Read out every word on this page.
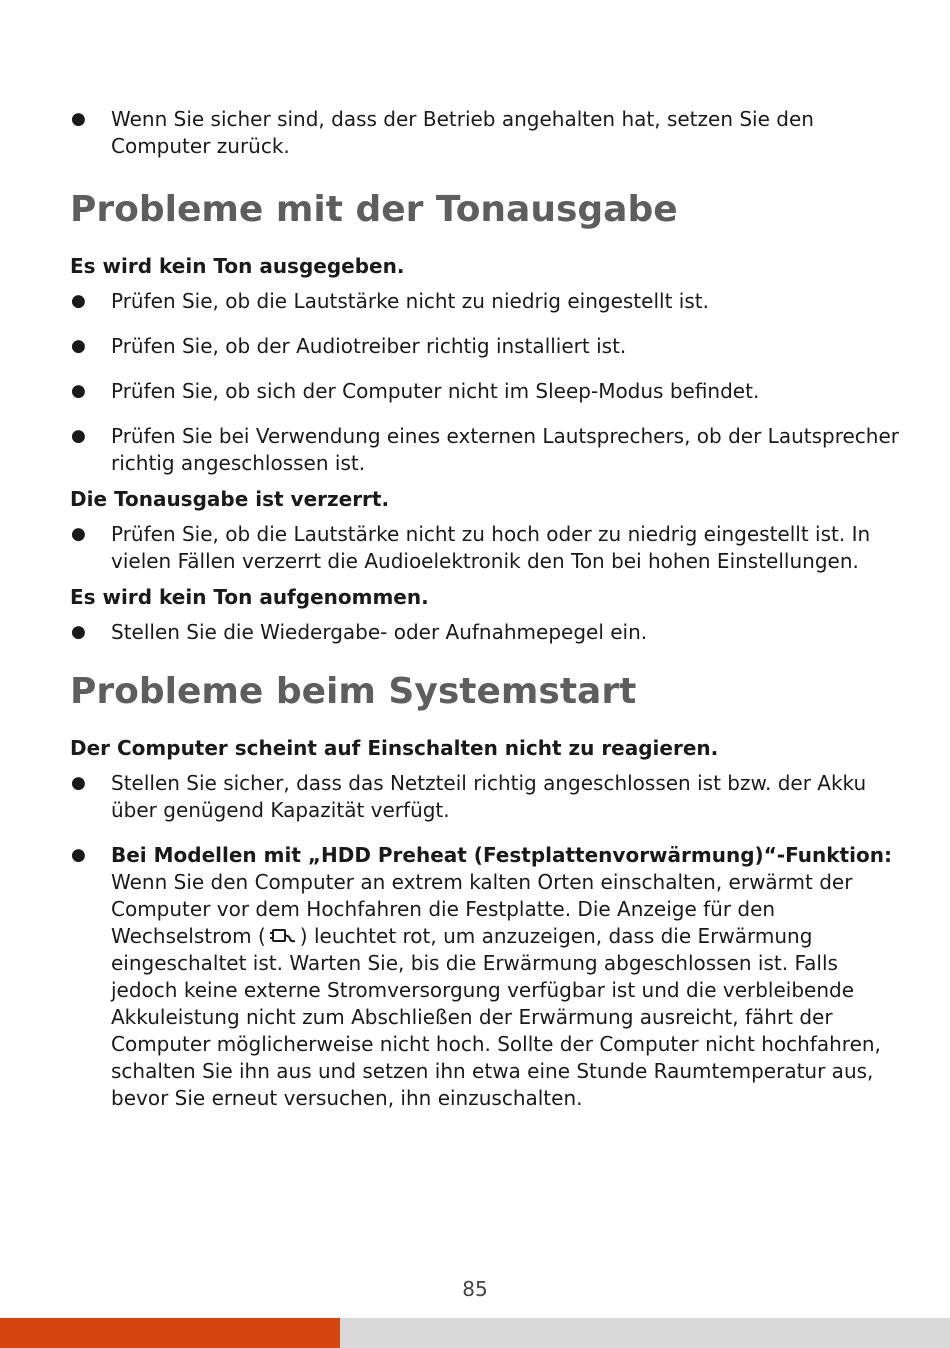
● Wenn Sie sicher sind, dass der Betrieb angehalten hat, setzen Sie den Computer zurück.
Probleme mit der Tonausgabe
Es wird kein Ton ausgegeben.
● Prüfen Sie, ob die Lautstärke nicht zu niedrig eingestellt ist.
● Prüfen Sie, ob der Audiotreiber richtig installiert ist.
● Prüfen Sie, ob sich der Computer nicht im Sleep-Modus befindet.
● Prüfen Sie bei Verwendung eines externen Lautsprechers, ob der Lautsprecher richtig angeschlossen ist.
Die Tonausgabe ist verzerrt.
● Prüfen Sie, ob die Lautstärke nicht zu hoch oder zu niedrig eingestellt ist. In vielen Fällen verzerrt die Audioelektronik den Ton bei hohen Einstellungen.
Es wird kein Ton aufgenommen.
● Stellen Sie die Wiedergabe- oder Aufnahmepegel ein.
Probleme beim Systemstart
Der Computer scheint auf Einschalten nicht zu reagieren.
● Stellen Sie sicher, dass das Netzteil richtig angeschlossen ist bzw. der Akku über genügend Kapazität verfügt.
● Bei Modellen mit „HDD Preheat (Festplattenvorwärmung)“-Funktion:
Wenn Sie den Computer an extrem kalten Orten einschalten, erwärmt der Computer vor dem Hochfahren die Festplatte. Die Anzeige für den Wechselstrom ( ) leuchtet rot, um anzuzeigen, dass die Erwärmung eingeschaltet ist. Warten Sie, bis die Erwärmung abgeschlossen ist. Falls jedoch keine externe Stromversorgung verfügbar ist und die verbleibende Akkuleistung nicht zum Abschließen der Erwärmung ausreicht, fährt der Computer möglicherweise nicht hoch. Sollte der Computer nicht hochfahren, schalten Sie ihn aus und setzen ihn etwa eine Stunde Raumtemperatur aus, bevor Sie erneut versuchen, ihn einzuschalten.
85
